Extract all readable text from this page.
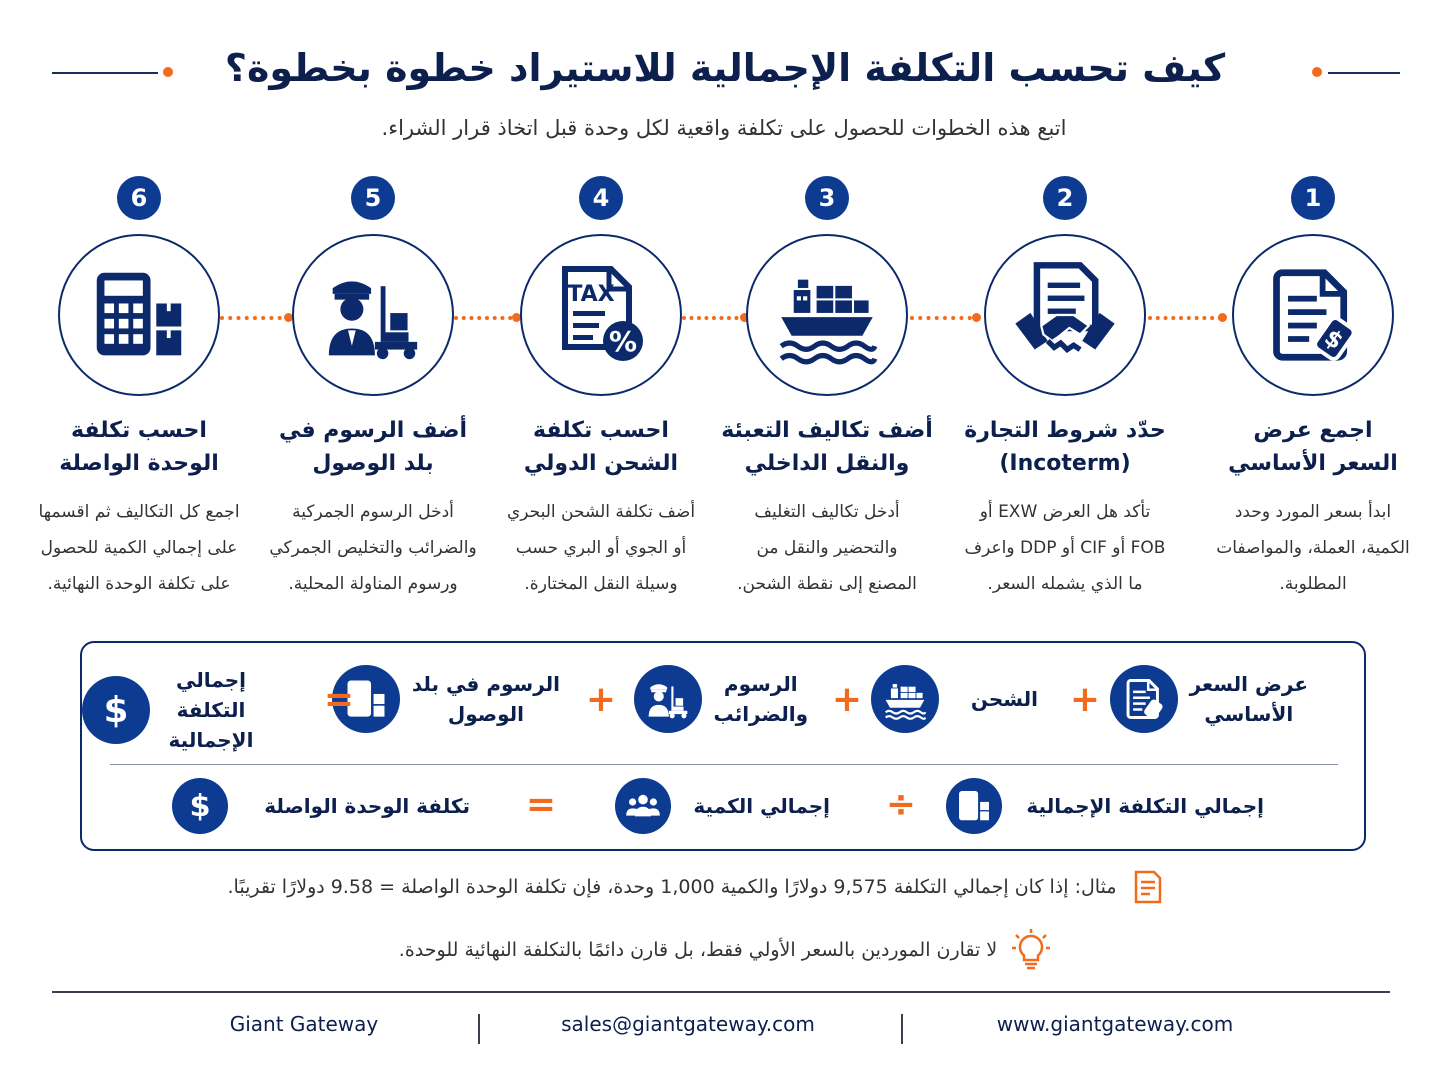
كيف تحسب التكلفة الإجمالية للاستيراد خطوة بخطوة؟

اتبع هذه الخطوات للحصول على تكلفة واقعية لكل وحدة قبل اتخاذ قرار الشراء.

1
اجمع عرض
السعر الأساسي
ابدأ بسعر المورد وحدد
الكمية، العملة، والمواصفات
المطلوبة.
2
حدّد شروط التجارة
(Incoterm)
تأكد هل العرض EXW أو
FOB أو CIF أو DDP واعرف
ما الذي يشمله السعر.
3
أضف تكاليف التعبئة
والنقل الداخلي
أدخل تكاليف التغليف
والتحضير والنقل من
المصنع إلى نقطة الشحن.
4
احسب تكلفة
الشحن الدولي
أضف تكلفة الشحن البحري
أو الجوي أو البري حسب
وسيلة النقل المختارة.
5
أضف الرسوم في
بلد الوصول
أدخل الرسوم الجمركية
والضرائب والتخليص الجمركي
ورسوم المناولة المحلية.
6
احسب تكلفة
الوحدة الواصلة
اجمع كل التكاليف ثم اقسمها
على إجمالي الكمية للحصول
على تكلفة الوحدة النهائية.
عرض السعر
الأساسي
+
الشحن
+
الرسوم
والضرائب
+
الرسوم في بلد
الوصول
=
إجمالي التكلفة
الإجمالية
إجمالي التكلفة الإجمالية
÷
إجمالي الكمية
=
تكلفة الوحدة الواصلة
مثال: إذا كان إجمالي التكلفة 9,575 دولارًا والكمية 1,000 وحدة، فإن تكلفة الوحدة الواصلة = 9.58 دولارًا تقريبًا.
لا تقارن الموردين بالسعر الأولي فقط، بل قارن دائمًا بالتكلفة النهائية للوحدة.
www.giantgateway.com
sales@giantgateway.com
Giant Gateway
